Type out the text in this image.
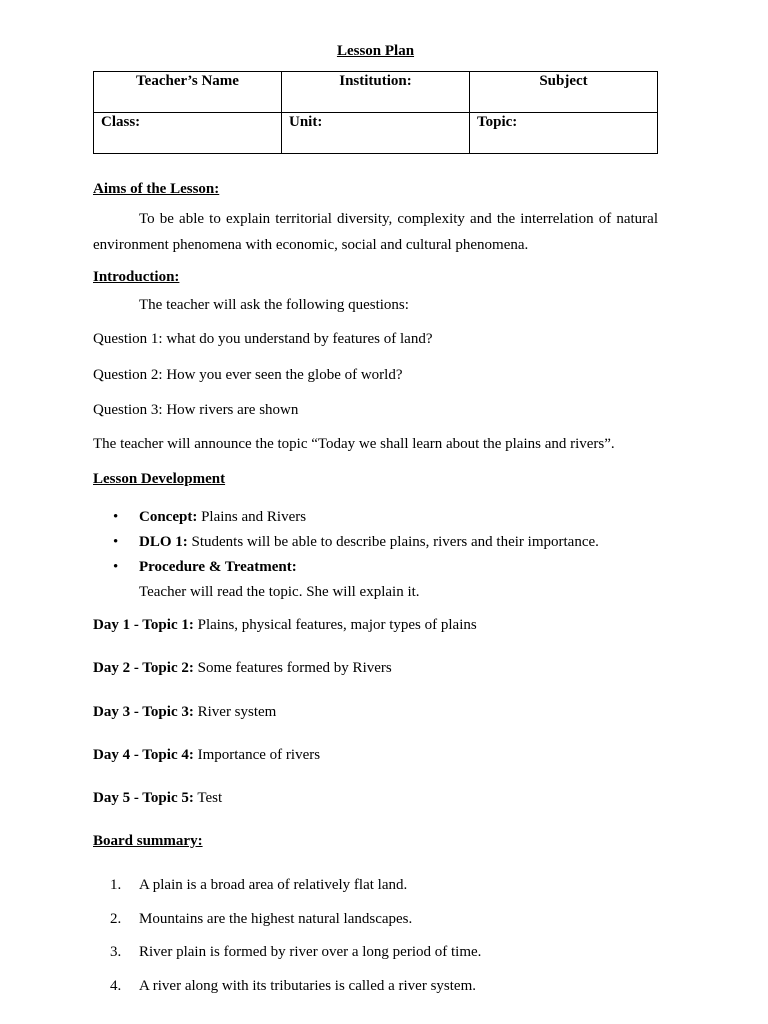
Lesson Plan
Teacher’s Name	Institution:	Subject
Class:	Unit:	Topic:
Aims of the Lesson:
To be able to explain territorial diversity, complexity and the interrelation of natural environment phenomena with economic, social and cultural phenomena.
Introduction:
The teacher will ask the following questions:
Question 1: what do you understand by features of land?
Question 2: How you ever seen the globe of world?
Question 3: How rivers are shown
The teacher will announce the topic “Today we shall learn about the plains and rivers”.
Lesson Development
• Concept: Plains and Rivers
• DLO 1: Students will be able to describe plains, rivers and their importance.
• Procedure & Treatment:
Teacher will read the topic. She will explain it.
Day 1 - Topic 1: Plains, physical features, major types of plains
Day 2 - Topic 2: Some features formed by Rivers
Day 3 - Topic 3: River system
Day 4 - Topic 4: Importance of rivers
Day 5 - Topic 5: Test
Board summary:
1. A plain is a broad area of relatively flat land.
2. Mountains are the highest natural landscapes.
3. River plain is formed by river over a long period of time.
4. A river along with its tributaries is called a river system.
